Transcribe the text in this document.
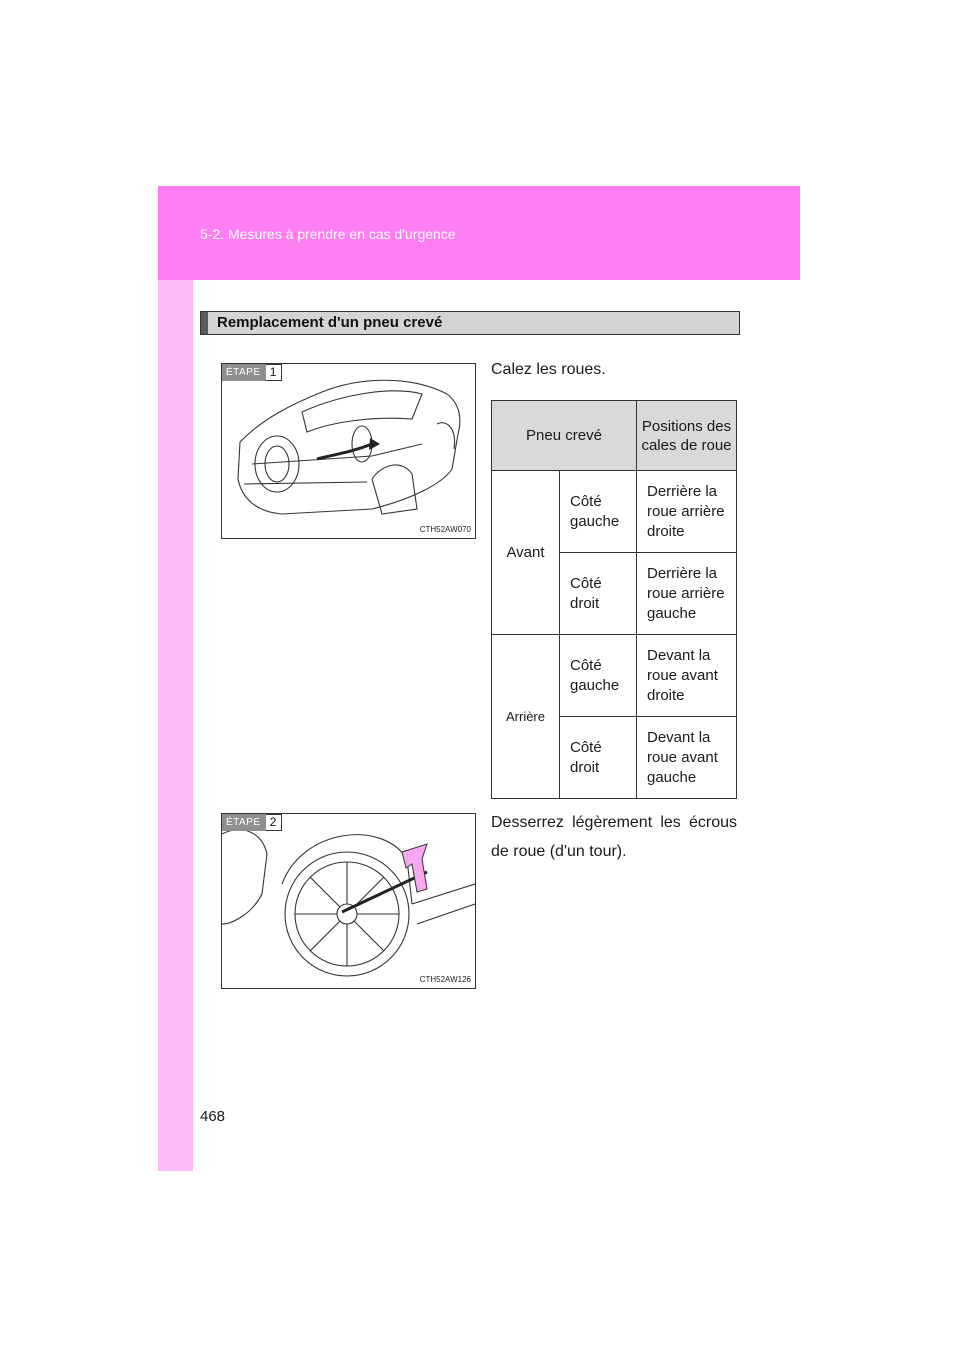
5-2. Mesures à prendre en cas d'urgence
Remplacement d'un pneu crevé
ÉTAPE 1
CTH52AW070
Calez les roues.
Pneu crevé		Positions des cales de roue
Avant	Côté gauche	Derrière la roue arrière droite
	Côté droit	Derrière la roue arrière gauche
Arrière	Côté gauche	Devant la roue avant droite
	Côté droit	Devant la roue avant gauche
ÉTAPE 2
CTH52AW126
Desserrez légèrement les écrous de roue (d'un tour).
468
